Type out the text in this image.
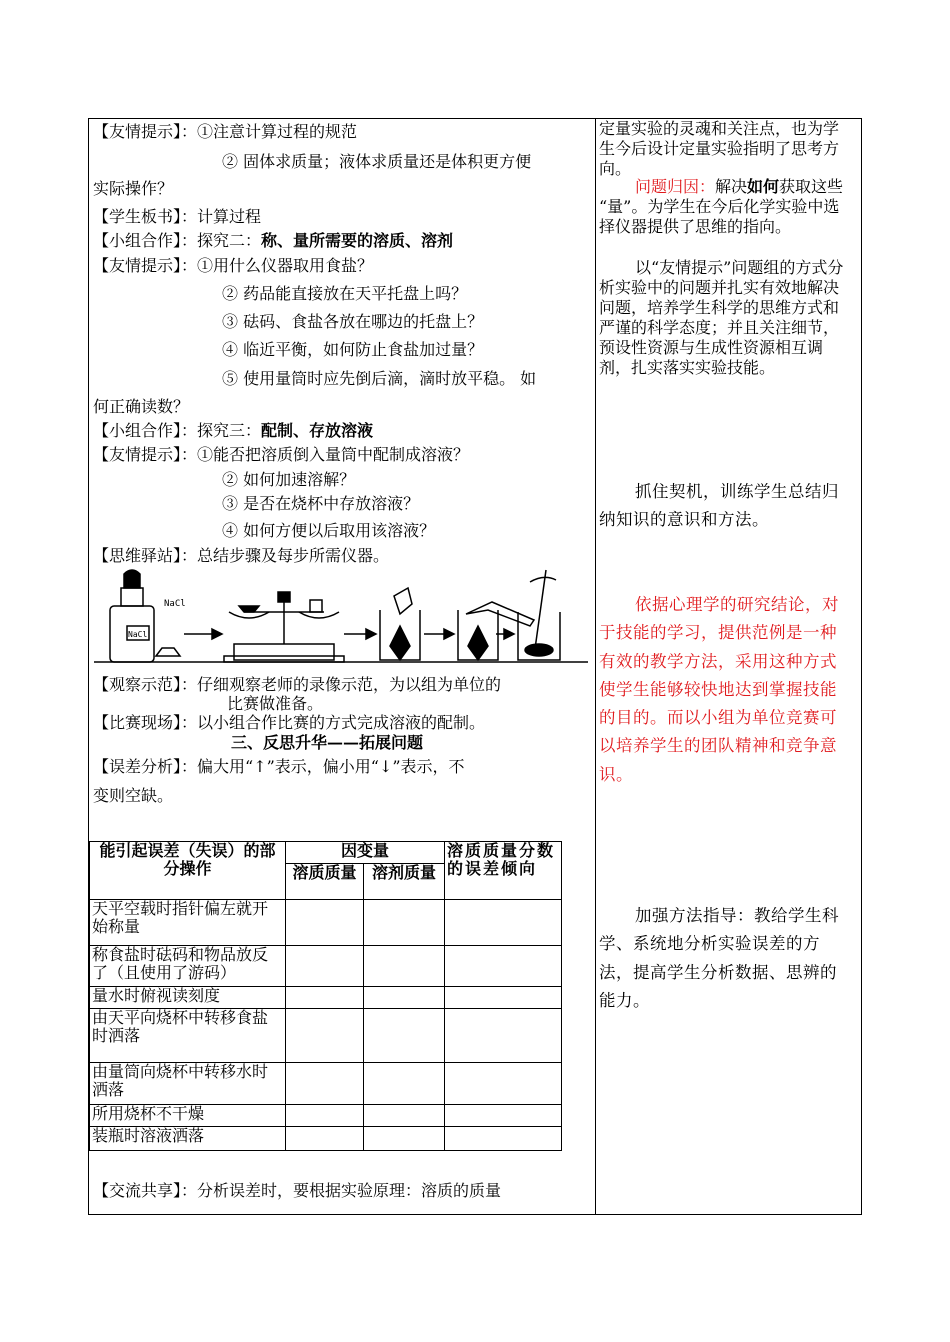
【友情提示】：①注意计算过程的规范
② 固体求质量；液体求质量还是体积更方便
实际操作？
【学生板书】：计算过程
【小组合作】：探究二：称、量所需要的溶质、溶剂
【友情提示】：①用什么仪器取用食盐？
② 药品能直接放在天平托盘上吗？
③ 砝码、食盐各放在哪边的托盘上？
④ 临近平衡，如何防止食盐加过量？
⑤ 使用量筒时应先倒后滴，滴时放平稳。 如
何正确读数？
【小组合作】：探究三：配制、存放溶液
【友情提示】：①能否把溶质倒入量筒中配制成溶液？
② 如何加速溶解？
③ 是否在烧杯中存放溶液？
④ 如何方便以后取用该溶液？
【思维驿站】：总结步骤及每步所需仪器。
NaCl
NaCl
【观察示范】：仔细观察老师的录像示范，为以组为单位的
比赛做准备。
【比赛现场】：以小组合作比赛的方式完成溶液的配制。
三、反思升华——拓展问题
【误差分析】：偏大用“↑”表示，偏小用“↓”表示，不
变则空缺。
能引起误差（失误）的部分操作	因变量		溶质质量分数的误差倾向
	溶质质量	溶剂质量	
天平空载时指针偏左就开始称量			
称食盐时砝码和物品放反了（且使用了游码）			
量水时俯视读刻度			
由天平向烧杯中转移食盐时洒落			
由量筒向烧杯中转移水时洒落			
所用烧杯不干燥			
装瓶时溶液洒落			
【交流共享】：分析误差时，要根据实验原理：溶质的质量
定量实验的灵魂和关注点，也为学生今后设计定量实验指明了思考方向。
问题归因：解决如何获取这些 “量”。为学生在今后化学实验中选择仪器提供了思维的指向。
以“友情提示”问题组的方式分析实验中的问题并扎实有效地解决问题，培养学生科学的思维方式和严谨的科学态度；并且关注细节，预设性资源与生成性资源相互调剂，扎实落实实验技能。
抓住契机，训练学生总结归纳知识的意识和方法。
依据心理学的研究结论，对于技能的学习，提供范例是一种有效的教学方法，采用这种方式使学生能够较快地达到掌握技能的目的。而以小组为单位竞赛可以培养学生的团队精神和竞争意识。
加强方法指导：教给学生科学、系统地分析实验误差的方法，提高学生分析数据、思辨的能力。
